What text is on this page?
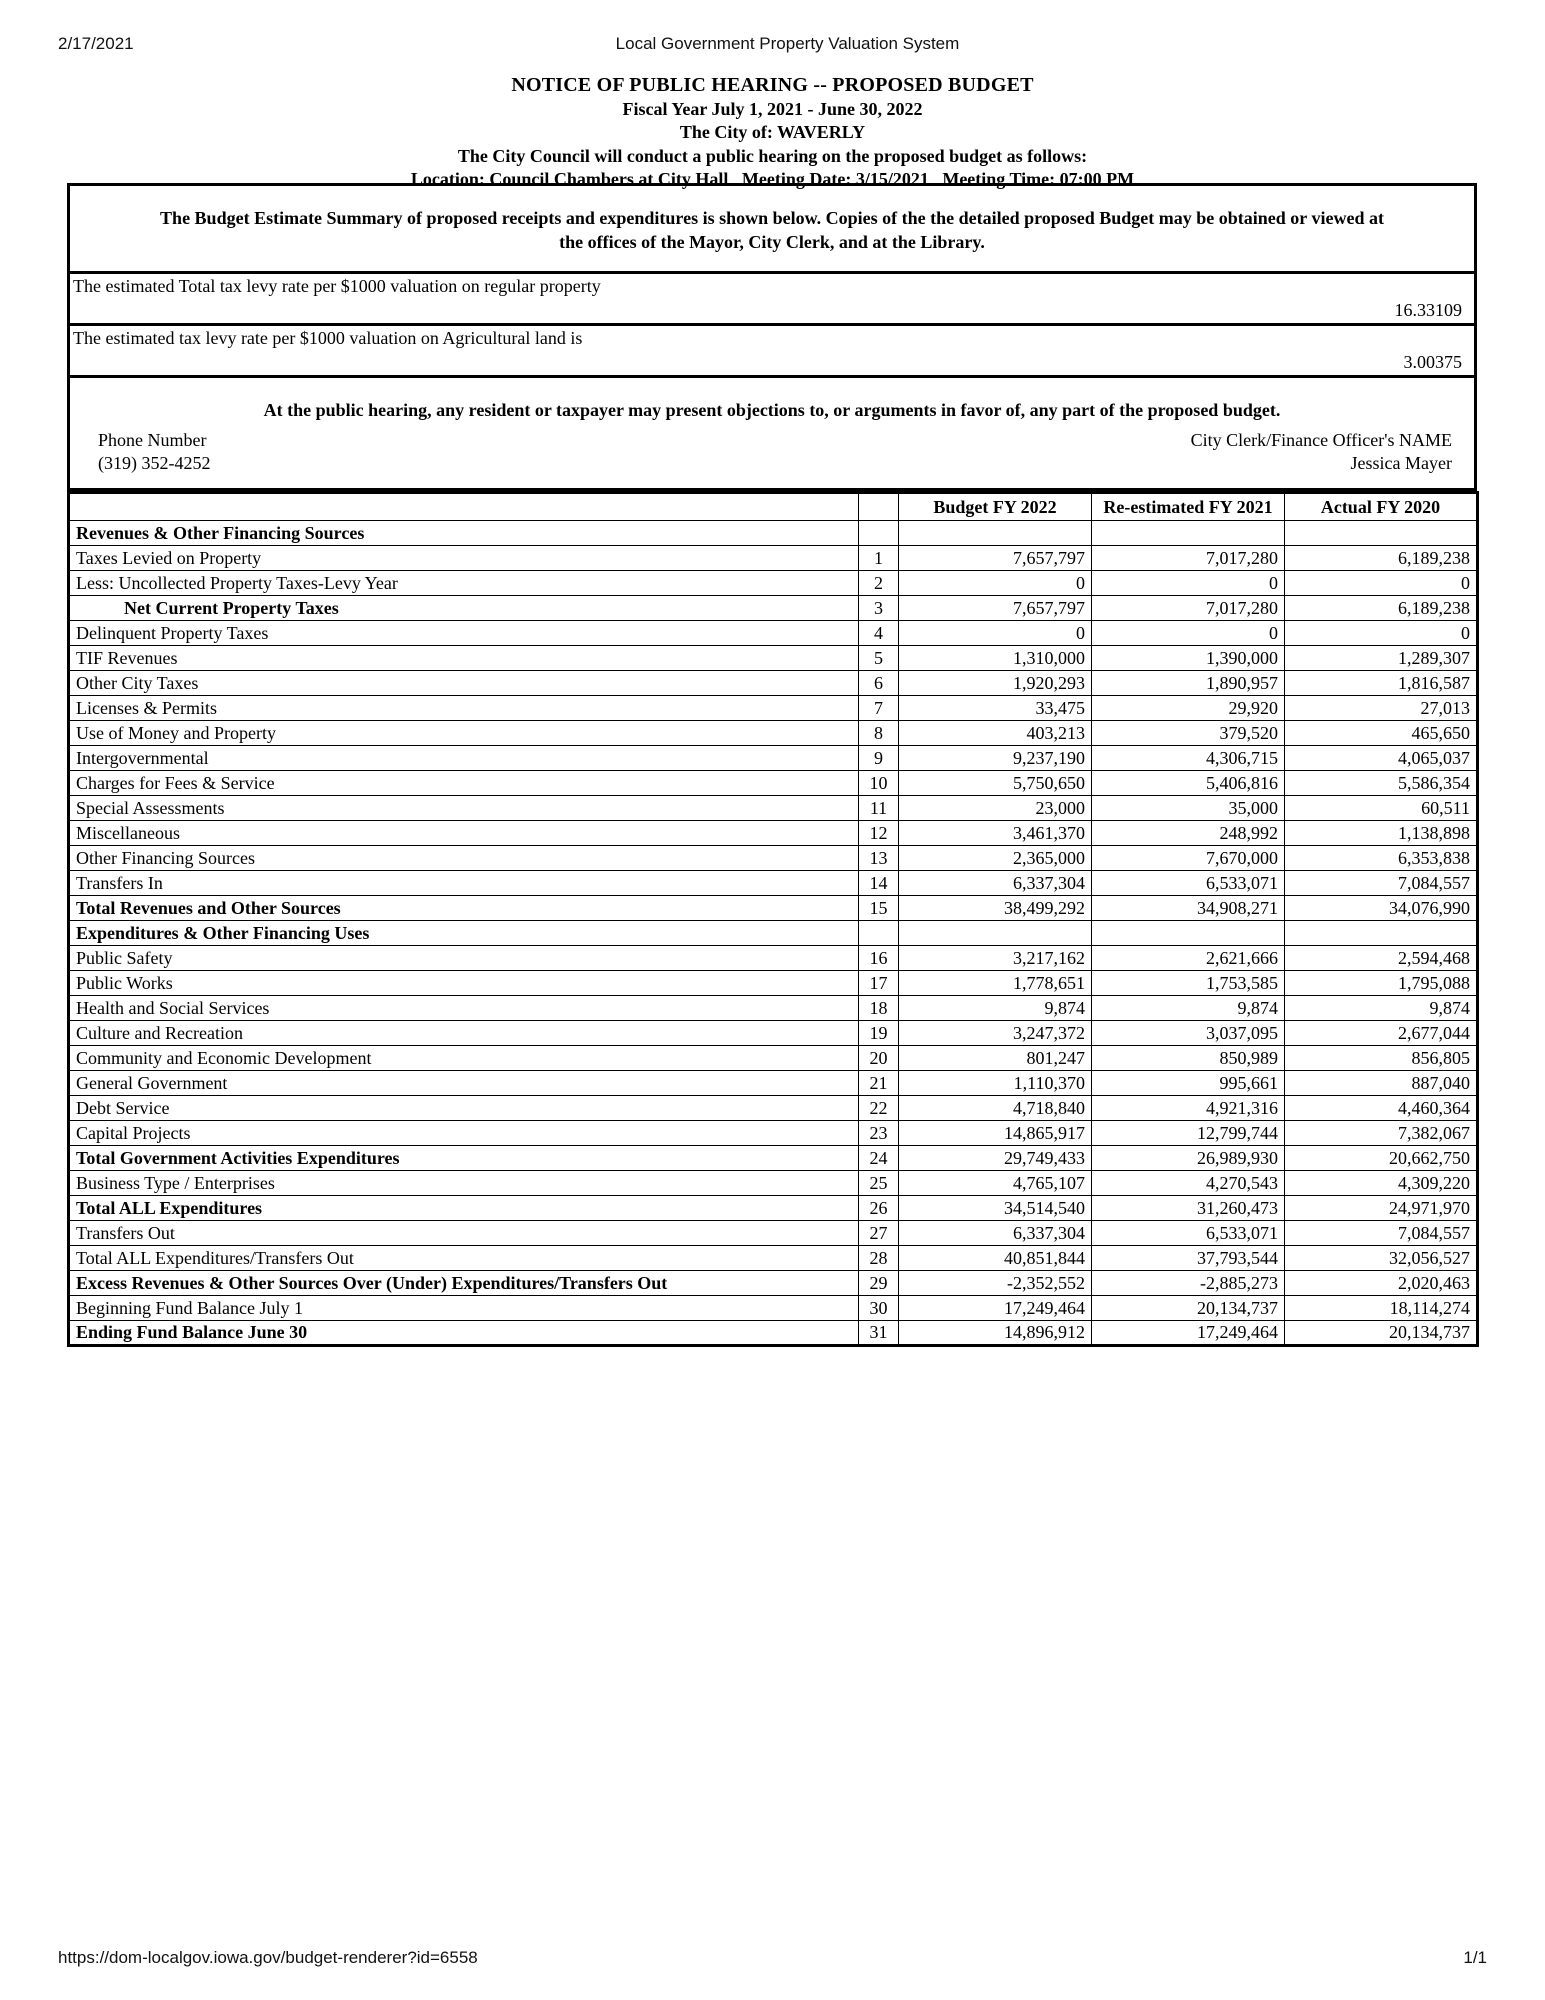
2/17/2021	Local Government Property Valuation System
NOTICE OF PUBLIC HEARING -- PROPOSED BUDGET
Fiscal Year July 1, 2021 - June 30, 2022
The City of: WAVERLY
The City Council will conduct a public hearing on the proposed budget as follows:
Location: Council Chambers at City Hall Meeting Date: 3/15/2021 Meeting Time: 07:00 PM
The Budget Estimate Summary of proposed receipts and expenditures is shown below. Copies of the the detailed proposed Budget may be obtained or viewed at
the offices of the Mayor, City Clerk, and at the Library.
The estimated Total tax levy rate per $1000 valuation on regular property
16.33109
The estimated tax levy rate per $1000 valuation on Agricultural land is
3.00375
At the public hearing, any resident or taxpayer may present objections to, or arguments in favor of, any part of the proposed budget.
Phone Number
(319) 352-4252
City Clerk/Finance Officer's NAME
Jessica Mayer
		Budget FY 2022	Re-estimated FY 2021	Actual FY 2020
Revenues & Other Financing Sources				
Taxes Levied on Property	1	7,657,797	7,017,280	6,189,238
Less: Uncollected Property Taxes-Levy Year	2	0	0	0
Net Current Property Taxes	3	7,657,797	7,017,280	6,189,238
Delinquent Property Taxes	4	0	0	0
TIF Revenues	5	1,310,000	1,390,000	1,289,307
Other City Taxes	6	1,920,293	1,890,957	1,816,587
Licenses & Permits	7	33,475	29,920	27,013
Use of Money and Property	8	403,213	379,520	465,650
Intergovernmental	9	9,237,190	4,306,715	4,065,037
Charges for Fees & Service	10	5,750,650	5,406,816	5,586,354
Special Assessments	11	23,000	35,000	60,511
Miscellaneous	12	3,461,370	248,992	1,138,898
Other Financing Sources	13	2,365,000	7,670,000	6,353,838
Transfers In	14	6,337,304	6,533,071	7,084,557
Total Revenues and Other Sources	15	38,499,292	34,908,271	34,076,990
Expenditures & Other Financing Uses				
Public Safety	16	3,217,162	2,621,666	2,594,468
Public Works	17	1,778,651	1,753,585	1,795,088
Health and Social Services	18	9,874	9,874	9,874
Culture and Recreation	19	3,247,372	3,037,095	2,677,044
Community and Economic Development	20	801,247	850,989	856,805
General Government	21	1,110,370	995,661	887,040
Debt Service	22	4,718,840	4,921,316	4,460,364
Capital Projects	23	14,865,917	12,799,744	7,382,067
Total Government Activities Expenditures	24	29,749,433	26,989,930	20,662,750
Business Type / Enterprises	25	4,765,107	4,270,543	4,309,220
Total ALL Expenditures	26	34,514,540	31,260,473	24,971,970
Transfers Out	27	6,337,304	6,533,071	7,084,557
Total ALL Expenditures/Transfers Out	28	40,851,844	37,793,544	32,056,527
Excess Revenues & Other Sources Over (Under) Expenditures/Transfers Out	29	-2,352,552	-2,885,273	2,020,463
Beginning Fund Balance July 1	30	17,249,464	20,134,737	18,114,274
Ending Fund Balance June 30	31	14,896,912	17,249,464	20,134,737
https://dom-localgov.iowa.gov/budget-renderer?id=6558	1/1
